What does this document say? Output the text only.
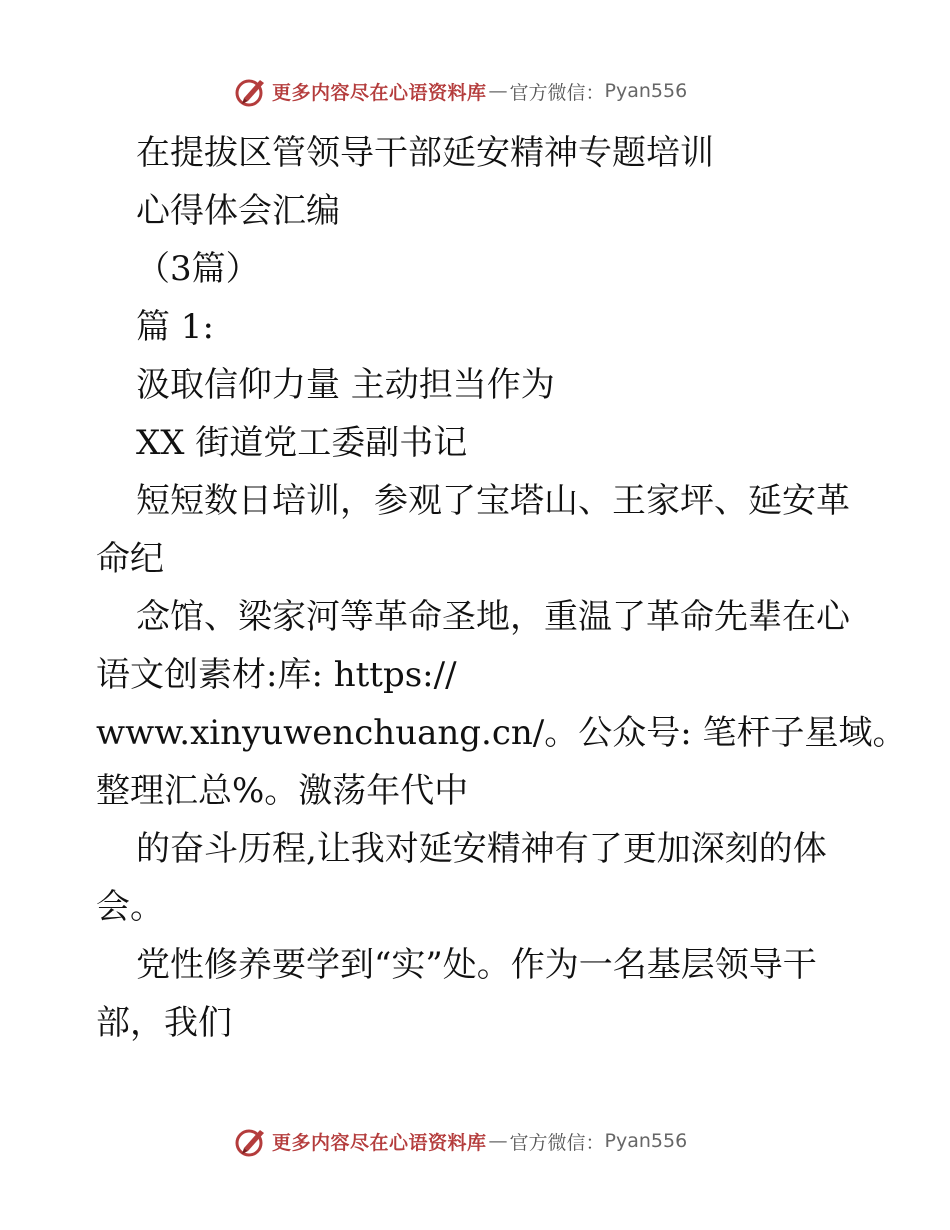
更多内容尽在心语资料库 — 官方微信： Pyan556

在提拔区管领导干部延安精神专题培训

心得体会汇编

（3篇）

篇 1:

汲取信仰力量 主动担当作为

XX 街道党工委副书记

短短数日培训，参观了宝塔山、王家坪、延安革

命纪

念馆、梁家河等革命圣地，重温了革命先辈在心

语文创素材:库: https://

www.xinyuwenchuang.cn/。公众号: 笔杆子星域。

整理汇总%。激荡年代中

的奋斗历程,让我对延安精神有了更加深刻的体

会。

党性修养要学到“实”处。作为一名基层领导干

部，我们

更多内容尽在心语资料库 — 官方微信： Pyan556
